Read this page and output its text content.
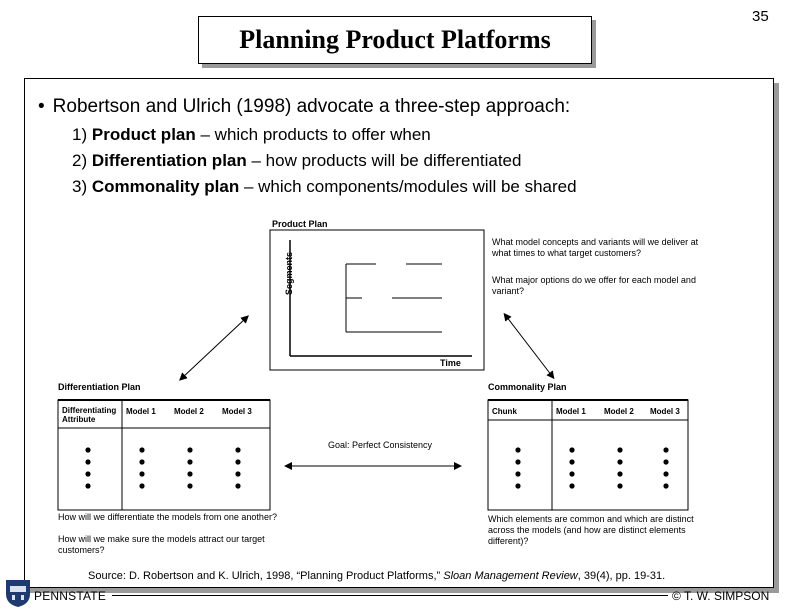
Planning Product Platforms
35
• Robertson and Ulrich (1998) advocate a three-step approach:
1) Product plan – which products to offer when
2) Differentiation plan – how products will be differentiated
3) Commonality plan – which components/modules will be shared
Product Plan
Segments
Time
What model concepts and variants will we deliver at what times to what target customers?
What major options do we offer for each model and variant?
Differentiation Plan
Differentiating Attribute
Model 1 Model 2 Model 3
How will we differentiate the models from one another?
How will we make sure the models attract our target customers?
Goal: Perfect Consistency
Commonality Plan
Chunk	Model 1 Model 2 Model 3
Which elements are common and which are distinct across the models (and how are distinct elements different)?
Source: D. Robertson and K. Ulrich, 1998, “Planning Product Platforms,” Sloan Management Review, 39(4), pp. 19-31.
PENNSTATE	© T. W. SIMPSON
